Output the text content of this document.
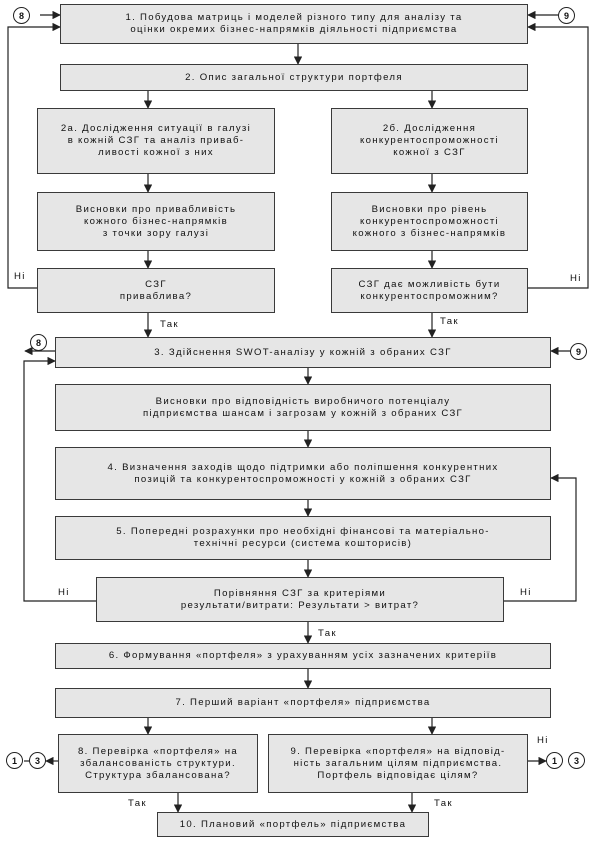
8	9
8
9
1	3	1	3
1. Побудова матриць і моделей різного типу для аналізу та
оцінки окремих бізнес-напрямків діяльності підприємства
2. Опис загальної структури портфеля
2а. Дослідження ситуації в галузі
в кожній СЗГ та аналіз приваб-
ливості кожної з них
2б. Дослідження
конкурентоспроможності
кожної з СЗГ
Висновки про привабливість
кожного бізнес-напрямків
з точки зору галузі
Висновки про рівень
конкурентоспроможності
кожного з бізнес-напрямків
СЗГ
приваблива?
СЗГ дає можливість бути
конкурентоспроможним?
3. Здійснення SWOT-аналізу у кожній з обраних СЗГ
Висновки про відповідність виробничого потенціалу
підприємства шансам і загрозам у кожній з обраних СЗГ
4. Визначення заходів щодо підтримки або поліпшення конкурентних
позицій та конкурентоспроможності у кожній з обраних СЗГ
5. Попередні розрахунки про необхідні фінансові та матеріально-
технічні ресурси (система кошторисів)
Порівняння СЗГ за критеріями
результати/витрати: Результати > витрат?
6. Формування «портфеля» з урахуванням усіх зазначених критеріїв
7. Перший варіант «портфеля» підприємства
8. Перевірка «портфеля» на
збалансованість структури.
Структура збалансована?
9. Перевірка «портфеля» на відповід-
ність загальним цілям підприємства.
Портфель відповідає цілям?
10. Плановий «портфель» підприємства
Ні	Ні
Так	Так
Ні	Ні
Так
Ні
Так	Так
